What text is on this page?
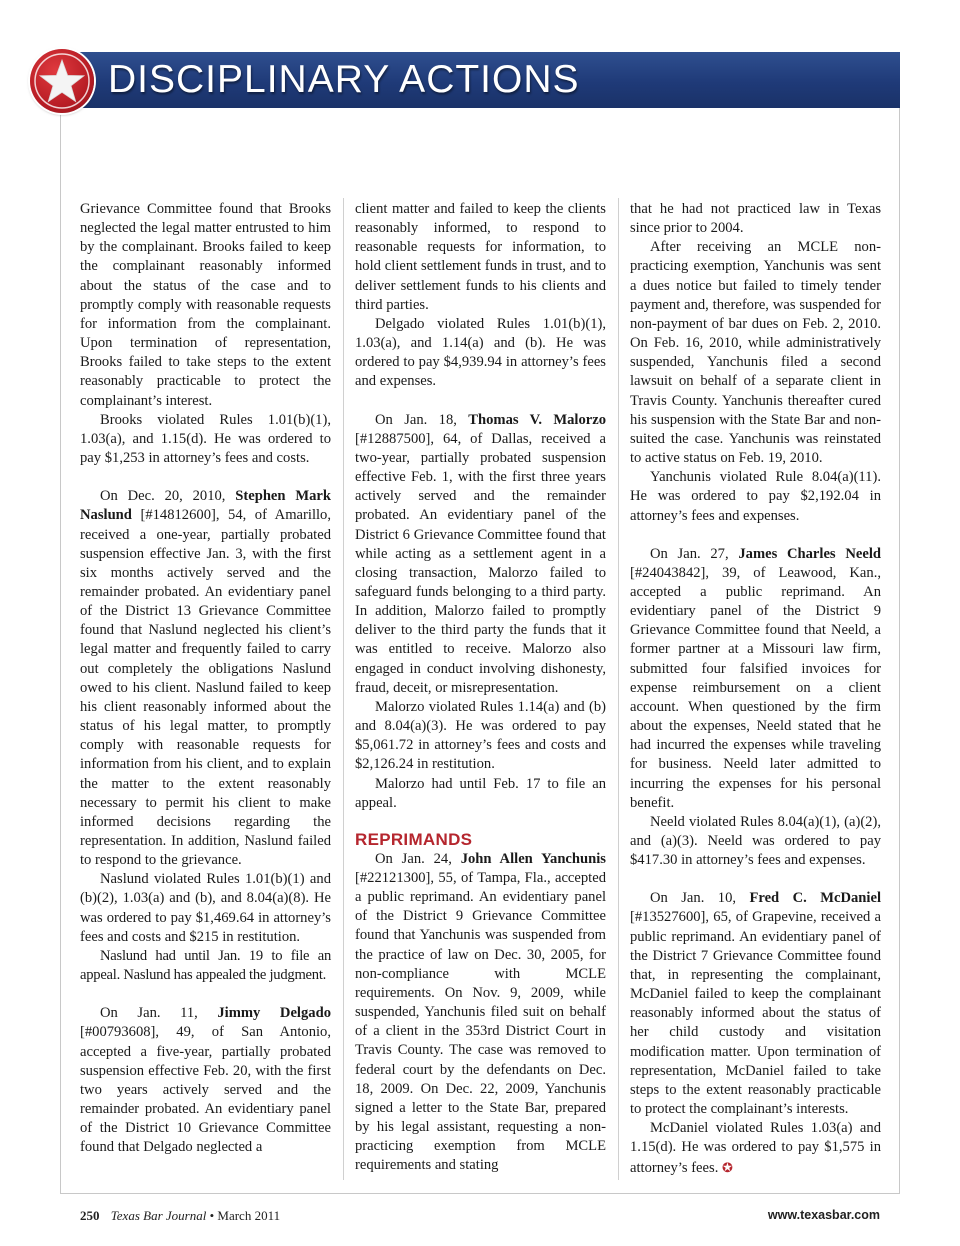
DISCIPLINARY ACTIONS

Grievance Committee found that Brooks neglected the legal matter entrusted to him by the complainant. Brooks failed to keep the complainant reasonably informed about the status of the case and to promptly comply with reasonable requests for information from the complainant. Upon termination of representation, Brooks failed to take steps to the extent reasonably practicable to protect the complainant’s interest.

Brooks violated Rules 1.01(b)(1), 1.03(a), and 1.15(d). He was ordered to pay $1,253 in attorney’s fees and costs.

On Dec. 20, 2010, Stephen Mark Naslund [#14812600], 54, of Amarillo, received a one-year, partially probated suspension effective Jan. 3, with the first six months actively served and the remainder probated. An evidentiary panel of the District 13 Grievance Committee found that Naslund neglected his client’s legal matter and frequently failed to carry out completely the obligations Naslund owed to his client. Naslund failed to keep his client reasonably informed about the status of his legal matter, to promptly comply with reasonable requests for information from his client, and to explain the matter to the extent reasonably necessary to permit his client to make informed decisions regarding the representation. In addition, Naslund failed to respond to the grievance.

Naslund violated Rules 1.01(b)(1) and (b)(2), 1.03(a) and (b), and 8.04(a)(8). He was ordered to pay $1,469.64 in attorney’s fees and costs and $215 in restitution.

Naslund had until Jan. 19 to file an appeal. Naslund has appealed the judgment.

On Jan. 11, Jimmy Delgado [#00793608], 49, of San Antonio, accepted a five-year, partially probated suspension effective Feb. 20, with the first two years actively served and the remainder probated. An evidentiary panel of the District 10 Grievance Committee found that Delgado neglected a

client matter and failed to keep the clients reasonably informed, to respond to reasonable requests for information, to hold client settlement funds in trust, and to deliver settlement funds to his clients and third parties.

Delgado violated Rules 1.01(b)(1), 1.03(a), and 1.14(a) and (b). He was ordered to pay $4,939.94 in attorney’s fees and expenses.

On Jan. 18, Thomas V. Malorzo [#12887500], 64, of Dallas, received a two-year, partially probated suspension effective Feb. 1, with the first three years actively served and the remainder probated. An evidentiary panel of the District 6 Grievance Committee found that while acting as a settlement agent in a closing transaction, Malorzo failed to safeguard funds belonging to a third party. In addition, Malorzo failed to promptly deliver to the third party the funds that it was entitled to receive. Malorzo also engaged in conduct involving dishonesty, fraud, deceit, or misrepresentation.

Malorzo violated Rules 1.14(a) and (b) and 8.04(a)(3). He was ordered to pay $5,061.72 in attorney’s fees and costs and $2,126.24 in restitution.

Malorzo had until Feb. 17 to file an appeal.

REPRIMANDS

On Jan. 24, John Allen Yanchunis [#22121300], 55, of Tampa, Fla., accepted a public reprimand. An evidentiary panel of the District 9 Grievance Committee found that Yanchunis was suspended from the practice of law on Dec. 30, 2005, for non-compliance with MCLE requirements. On Nov. 9, 2009, while suspended, Yanchunis filed suit on behalf of a client in the 353rd District Court in Travis County. The case was removed to federal court by the defendants on Dec. 18, 2009. On Dec. 22, 2009, Yanchunis signed a letter to the State Bar, prepared by his legal assistant, requesting a non-practicing exemption from MCLE requirements and stating

that he had not practiced law in Texas since prior to 2004.

After receiving an MCLE non-practicing exemption, Yanchunis was sent a dues notice but failed to timely tender payment and, therefore, was suspended for non-payment of bar dues on Feb. 2, 2010. On Feb. 16, 2010, while administratively suspended, Yanchunis filed a second lawsuit on behalf of a separate client in Travis County. Yanchunis thereafter cured his suspension with the State Bar and non-suited the case. Yanchunis was reinstated to active status on Feb. 19, 2010.

Yanchunis violated Rule 8.04(a)(11). He was ordered to pay $2,192.04 in attorney’s fees and expenses.

On Jan. 27, James Charles Neeld [#24043842], 39, of Leawood, Kan., accepted a public reprimand. An evidentiary panel of the District 9 Grievance Committee found that Neeld, a former partner at a Missouri law firm, submitted four falsified invoices for expense reimbursement on a client account. When questioned by the firm about the expenses, Neeld stated that he had incurred the expenses while traveling for business. Neeld later admitted to incurring the expenses for his personal benefit.

Neeld violated Rules 8.04(a)(1), (a)(2), and (a)(3). Neeld was ordered to pay $417.30 in attorney’s fees and expenses.

On Jan. 10, Fred C. McDaniel [#13527600], 65, of Grapevine, received a public reprimand. An evidentiary panel of the District 7 Grievance Committee found that, in representing the complainant, McDaniel failed to keep the complainant reasonably informed about the status of her child custody and visitation modification matter. Upon termination of representation, McDaniel failed to take steps to the extent reasonably practicable to protect the complainant’s interests.

McDaniel violated Rules 1.03(a) and 1.15(d). He was ordered to pay $1,575 in attorney’s fees. ✪

250 Texas Bar Journal • March 2011	www.texasbar.com
